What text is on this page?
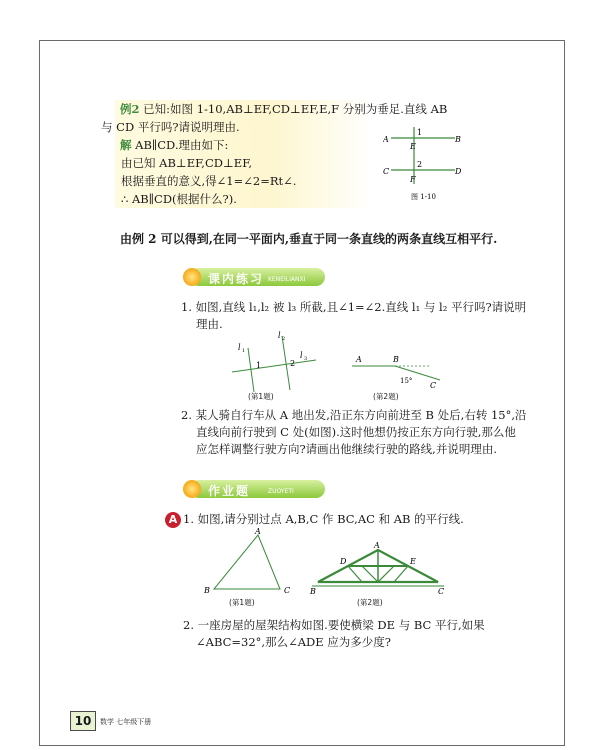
例2 已知:如图 1-10,AB⊥EF,CD⊥EF,E,F 分别为垂足.直线 AB
与 CD 平行吗?请说明理由.
解 AB∥CD.理由如下:
由已知 AB⊥EF,CD⊥EF,
根据垂直的意义,得∠1=∠2=Rt∠.
∴ AB∥CD(根据什么?).
A	B
C	D
E
F
1
2
图 1-10
由例 2 可以得到,在同一平面内,垂直于同一条直线的两条直线互相平行.
课内练习 KENEILIANXI
1. 如图,直线 l₁,l₂ 被 l₃ 所截,且∠1=∠2.直线 l₁ 与 l₂ 平行吗?请说明
理由.
l 1
l 2
l 3
1	2
(第1题)
A	B
C
15°
(第2题)
2. 某人骑自行车从 A 地出发,沿正东方向前进至 B 处后,右转 15°,沿
直线向前行驶到 C 处(如图).这时他想仍按正东方向行驶,那么他
应怎样调整行驶方向?请画出他继续行驶的路线,并说明理由.
作业题	ZUOYETI
A 1. 如图,请分别过点 A,B,C 作 BC,AC 和 AB 的平行线.
A
B	C
(第1题)
A
B	C
D	E
(第2题)
2. 一座房屋的屋架结构如图.要使横梁 DE 与 BC 平行,如果
∠ABC=32°,那么∠ADE 应为多少度?
10	数学 七年级下册
